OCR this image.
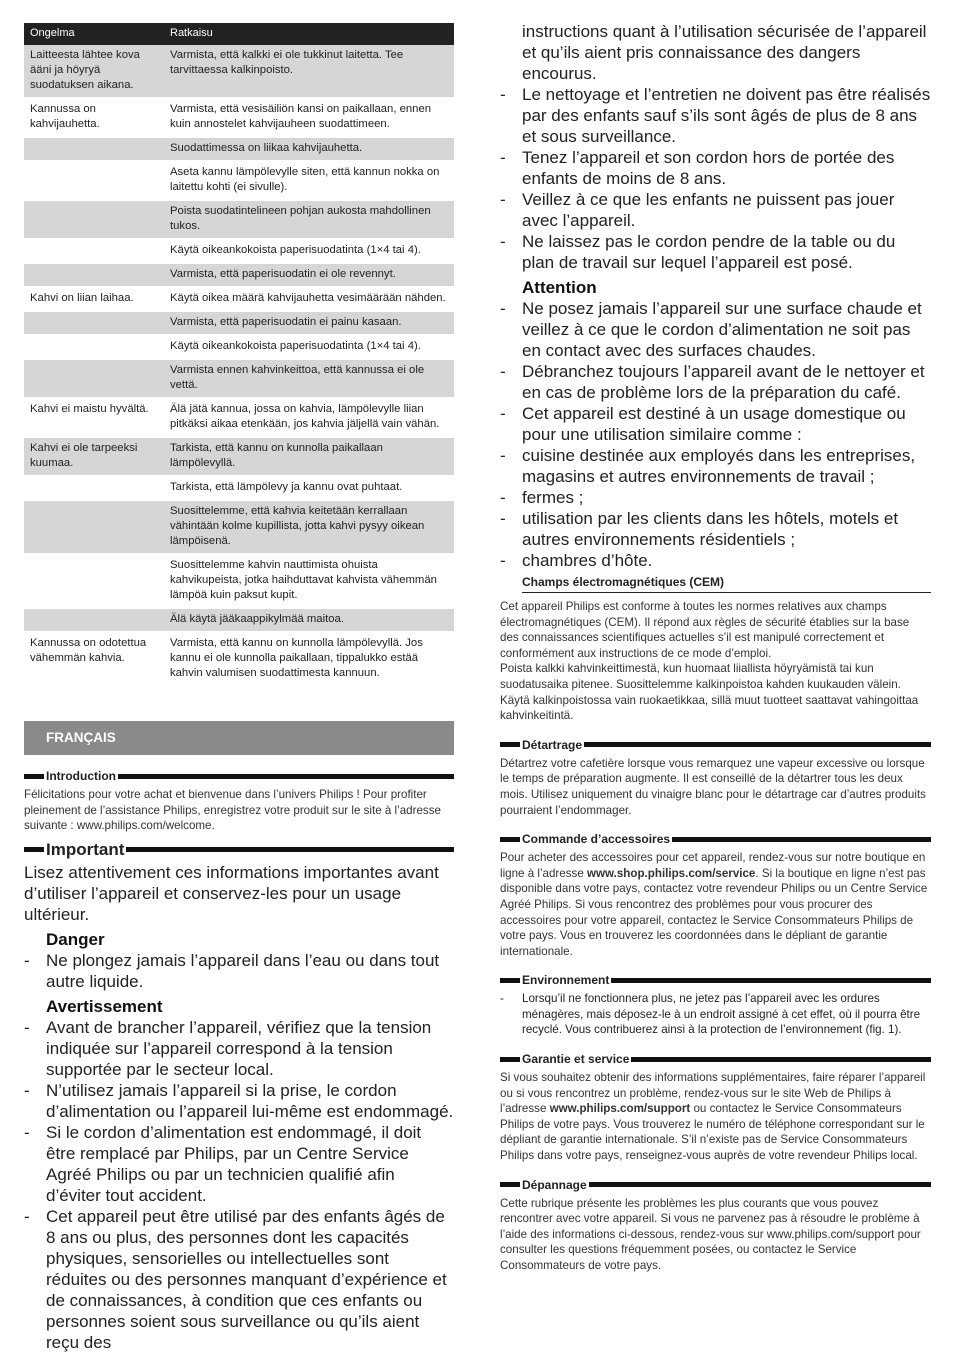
Ongelma	Ratkaisu
Laitteesta lähtee kova ääni ja höyryä suodatuksen aikana.	Varmista, että kalkki ei ole tukkinut laitetta. Tee tarvittaessa kalkinpoisto.
Kannussa on kahvijauhetta.	Varmista, että vesisäiliön kansi on paikallaan, ennen kuin annostelet kahvijauheen suodattimeen.
	Suodattimessa on liikaa kahvijauhetta.
	Aseta kannu lämpölevylle siten, että kannun nokka on laitettu kohti (ei sivulle).
	Poista suodatintelineen pohjan aukosta mahdollinen tukos.
	Käytä oikeankokoista paperisuodatinta (1×4 tai 4).
	Varmista, että paperisuodatin ei ole revennyt.
Kahvi on liian laihaa.	Käytä oikea määrä kahvijauhetta vesimäärään nähden.
	Varmista, että paperisuodatin ei painu kasaan.
	Käytä oikeankokoista paperisuodatinta (1×4 tai 4).
	Varmista ennen kahvinkeittoa, että kannussa ei ole vettä.
Kahvi ei maistu hyvältä.	Älä jätä kannua, jossa on kahvia, lämpölevylle liian pitkäksi aikaa etenkään, jos kahvia jäljellä vain vähän.
Kahvi ei ole tarpeeksi kuumaa.	Tarkista, että kannu on kunnolla paikallaan lämpölevyllä.
	Tarkista, että lämpölevy ja kannu ovat puhtaat.
	Suosittelemme, että kahvia keitetään kerrallaan vähintään kolme kupillista, jotta kahvi pysyy oikean lämpöisenä.
	Suosittelemme kahvin nauttimista ohuista kahvikupeista, jotka haihduttavat kahvista vähemmän lämpöä kuin paksut kupit.
	Älä käytä jääkaappikylmää maitoa.
Kannussa on odotettua vähemmän kahvia.	Varmista, että kannu on kunnolla lämpölevyllä. Jos kannu ei ole kunnolla paikallaan, tippalukko estää kahvin valumisen suodattimesta kannuun.
FRANÇAIS
Introduction

Félicitations pour votre achat et bienvenue dans l’univers Philips ! Pour profiter pleinement de l’assistance Philips, enregistrez votre produit sur le site à l’adresse suivante : www.philips.com/welcome.

Important

Lisez attentivement ces informations importantes avant d’utiliser l’appareil et conservez-les pour un usage ultérieur.

Danger
- Ne plongez jamais l’appareil dans l’eau ou dans tout autre liquide.
Avertissement
- Avant de brancher l’appareil, vérifiez que la tension indiquée sur l’appareil correspond à la tension supportée par le secteur local.
- N’utilisez jamais l’appareil si la prise, le cordon d’alimentation ou l’appareil lui-même est endommagé.
- Si le cordon d’alimentation est endommagé, il doit être remplacé par Philips, par un Centre Service Agréé Philips ou par un technicien qualifié afin d’éviter tout accident.
- Cet appareil peut être utilisé par des enfants âgés de 8 ans ou plus, des personnes dont les capacités physiques, sensorielles ou intellectuelles sont réduites ou des personnes manquant d’expérience et de connaissances, à condition que ces enfants ou personnes soient sous surveillance ou qu’ils aient reçu des
instructions quant à l’utilisation sécurisée de l’appareil et qu’ils aient pris connaissance des dangers encourus.
- Le nettoyage et l’entretien ne doivent pas être réalisés par des enfants sauf s’ils sont âgés de plus de 8 ans et sous surveillance.
- Tenez l’appareil et son cordon hors de portée des enfants de moins de 8 ans.
- Veillez à ce que les enfants ne puissent pas jouer avec l’appareil.
- Ne laissez pas le cordon pendre de la table ou du plan de travail sur lequel l’appareil est posé.
Attention
- Ne posez jamais l’appareil sur une surface chaude et veillez à ce que le cordon d’alimentation ne soit pas en contact avec des surfaces chaudes.
- Débranchez toujours l’appareil avant de le nettoyer et en cas de problème lors de la préparation du café.
- Cet appareil est destiné à un usage domestique ou pour une utilisation similaire comme :
- cuisine destinée aux employés dans les entreprises, magasins et autres environnements de travail ;
- fermes ;
- utilisation par les clients dans les hôtels, motels et autres environnements résidentiels ;
- chambres d’hôte.
Champs électromagnétiques (CEM)

Cet appareil Philips est conforme à toutes les normes relatives aux champs électromagnétiques (CEM). Il répond aux règles de sécurité établies sur la base des connaissances scientifiques actuelles s’il est manipulé correctement et conformément aux instructions de ce mode d’emploi.

Poista kalkki kahvinkeittimestä, kun huomaat liiallista höyryämistä tai kun suodatusaika pitenee. Suosittelemme kalkinpoistoa kahden kuukauden välein. Käytä kalkinpoistossa vain ruokaetikkaa, sillä muut tuotteet saattavat vahingoittaa kahvinkeitintä.

Détartrage

Détartrez votre cafetière lorsque vous remarquez une vapeur excessive ou lorsque le temps de préparation augmente. Il est conseillé de la détartrer tous les deux mois. Utilisez uniquement du vinaigre blanc pour le détartrage car d’autres produits pourraient l’endommager.

Commande d’accessoires

Pour acheter des accessoires pour cet appareil, rendez-vous sur notre boutique en ligne à l’adresse www.shop.philips.com/service. Si la boutique en ligne n’est pas disponible dans votre pays, contactez votre revendeur Philips ou un Centre Service Agréé Philips. Si vous rencontrez des problèmes pour vous procurer des accessoires pour votre appareil, contactez le Service Consommateurs Philips de votre pays. Vous en trouverez les coordonnées dans le dépliant de garantie internationale.

Environnement
- Lorsqu’il ne fonctionnera plus, ne jetez pas l’appareil avec les ordures ménagères, mais déposez-le à un endroit assigné à cet effet, où il pourra être recyclé. Vous contribuerez ainsi à la protection de l’environnement (fig. 1).
Garantie et service

Si vous souhaitez obtenir des informations supplémentaires, faire réparer l’appareil ou si vous rencontrez un problème, rendez-vous sur le site Web de Philips à l’adresse www.philips.com/support ou contactez le Service Consommateurs Philips de votre pays. Vous trouverez le numéro de téléphone correspondant sur le dépliant de garantie internationale. S’il n’existe pas de Service Consommateurs Philips dans votre pays, renseignez-vous auprès de votre revendeur Philips local.

Dépannage

Cette rubrique présente les problèmes les plus courants que vous pouvez rencontrer avec votre appareil. Si vous ne parvenez pas à résoudre le problème à l’aide des informations ci-dessous, rendez-vous sur www.philips.com/support pour consulter les questions fréquemment posées, ou contactez le Service Consommateurs de votre pays.
